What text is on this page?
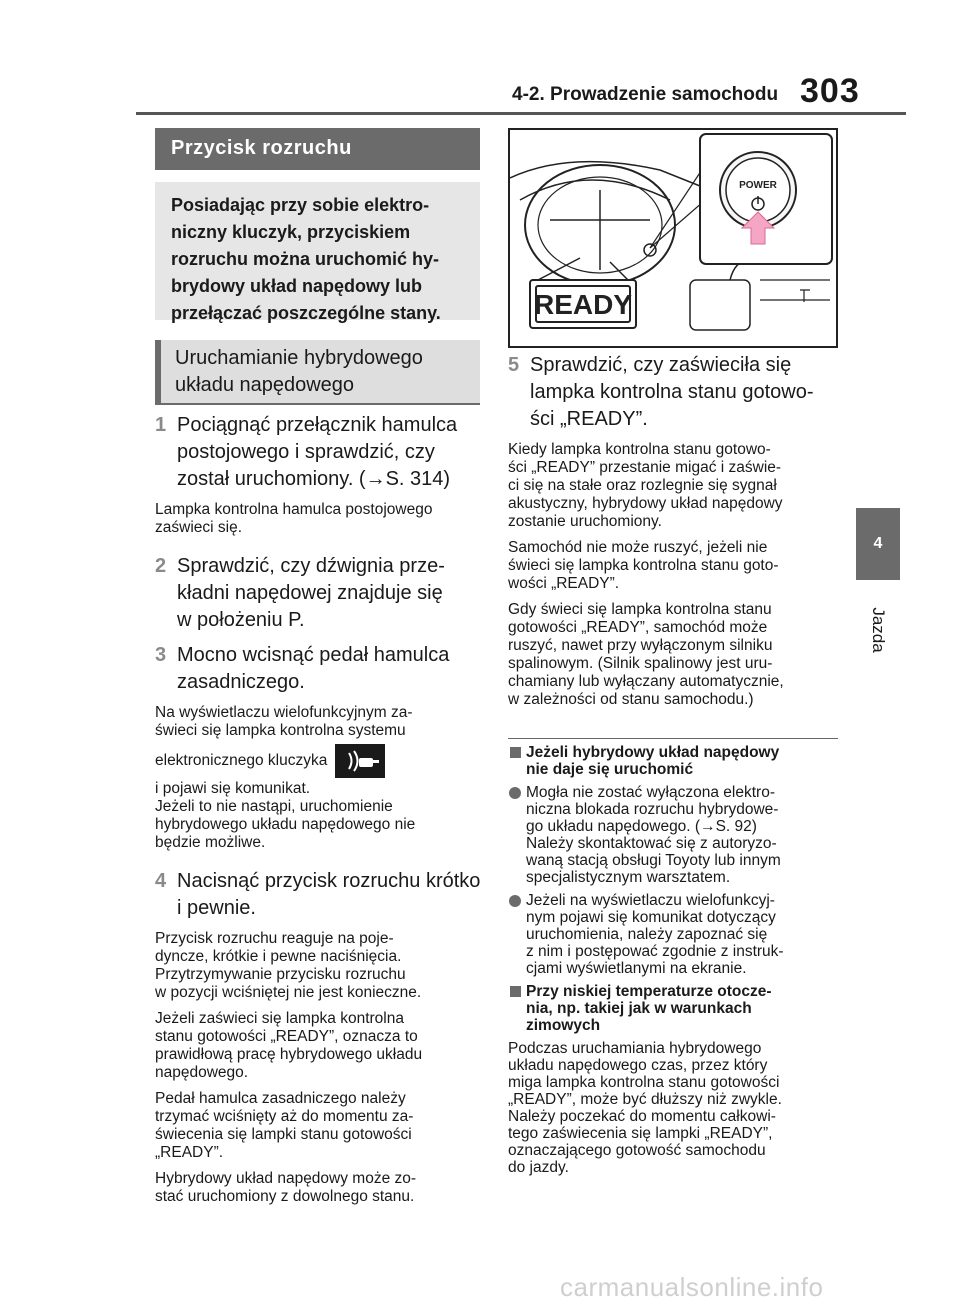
4-2. Prowadzenie samochodu 303
4
Jazda
Przycisk rozruchu
Posiadając przy sobie elektro-
niczny kluczyk, przyciskiem
rozruchu można uruchomić hy-
brydowy układ napędowy lub
przełączać poszczególne stany.
Uruchamianie hybrydowego
układu napędowego
1 Pociągnąć przełącznik hamulca
postojowego i sprawdzić, czy
został uruchomiony. (→S. 314)
Lampka kontrolna hamulca postojowego
zaświeci się.
2 Sprawdzić, czy dźwignia prze-
kładni napędowej znajduje się
w położeniu P.
3 Mocno wcisnąć pedał hamulca
zasadniczego.
Na wyświetlaczu wielofunkcyjnym za-
świeci się lampka kontrolna systemu
elektronicznego kluczyka
i pojawi się komunikat.
Jeżeli to nie nastąpi, uruchomienie
hybrydowego układu napędowego nie
będzie możliwe.
4 Nacisnąć przycisk rozruchu krótko
i pewnie.
Przycisk rozruchu reaguje na poje-
dyncze, krótkie i pewne naciśnięcia.
Przytrzymywanie przycisku rozruchu
w pozycji wciśniętej nie jest konieczne.
Jeżeli zaświeci się lampka kontrolna
stanu gotowości „READY”, oznacza to
prawidłową pracę hybrydowego układu
napędowego.
Pedał hamulca zasadniczego należy
trzymać wciśnięty aż do momentu za-
świecenia się lampki stanu gotowości
„READY”.
Hybrydowy układ napędowy może zo-
stać uruchomiony z dowolnego stanu.
POWER
READY
5 Sprawdzić, czy zaświeciła się
lampka kontrolna stanu gotowo-
ści „READY”.
Kiedy lampka kontrolna stanu gotowo-
ści „READY” przestanie migać i zaświe-
ci się na stałe oraz rozlegnie się sygnał
akustyczny, hybrydowy układ napędowy
zostanie uruchomiony.
Samochód nie może ruszyć, jeżeli nie
świeci się lampka kontrolna stanu goto-
wości „READY”.
Gdy świeci się lampka kontrolna stanu
gotowości „READY”, samochód może
ruszyć, nawet przy wyłączonym silniku
spalinowym. (Silnik spalinowy jest uru-
chamiany lub wyłączany automatycznie,
w zależności od stanu samochodu.)
Jeżeli hybrydowy układ napędowy
nie daje się uruchomić
Mogła nie zostać wyłączona elektro-
niczna blokada rozruchu hybrydowe-
go układu napędowego. (→S. 92)
Należy skontaktować się z autoryzo-
waną stacją obsługi Toyoty lub innym
specjalistycznym warsztatem.
Jeżeli na wyświetlaczu wielofunkcyj-
nym pojawi się komunikat dotyczący
uruchomienia, należy zapoznać się
z nim i postępować zgodnie z instruk-
cjami wyświetlanymi na ekranie.
Przy niskiej temperaturze otocze-
nia, np. takiej jak w warunkach
zimowych
Podczas uruchamiania hybrydowego
układu napędowego czas, przez który
miga lampka kontrolna stanu gotowości
„READY”, może być dłuższy niż zwykle.
Należy poczekać do momentu całkowi-
tego zaświecenia się lampki „READY”,
oznaczającego gotowość samochodu
do jazdy.
carmanualsonline.info
